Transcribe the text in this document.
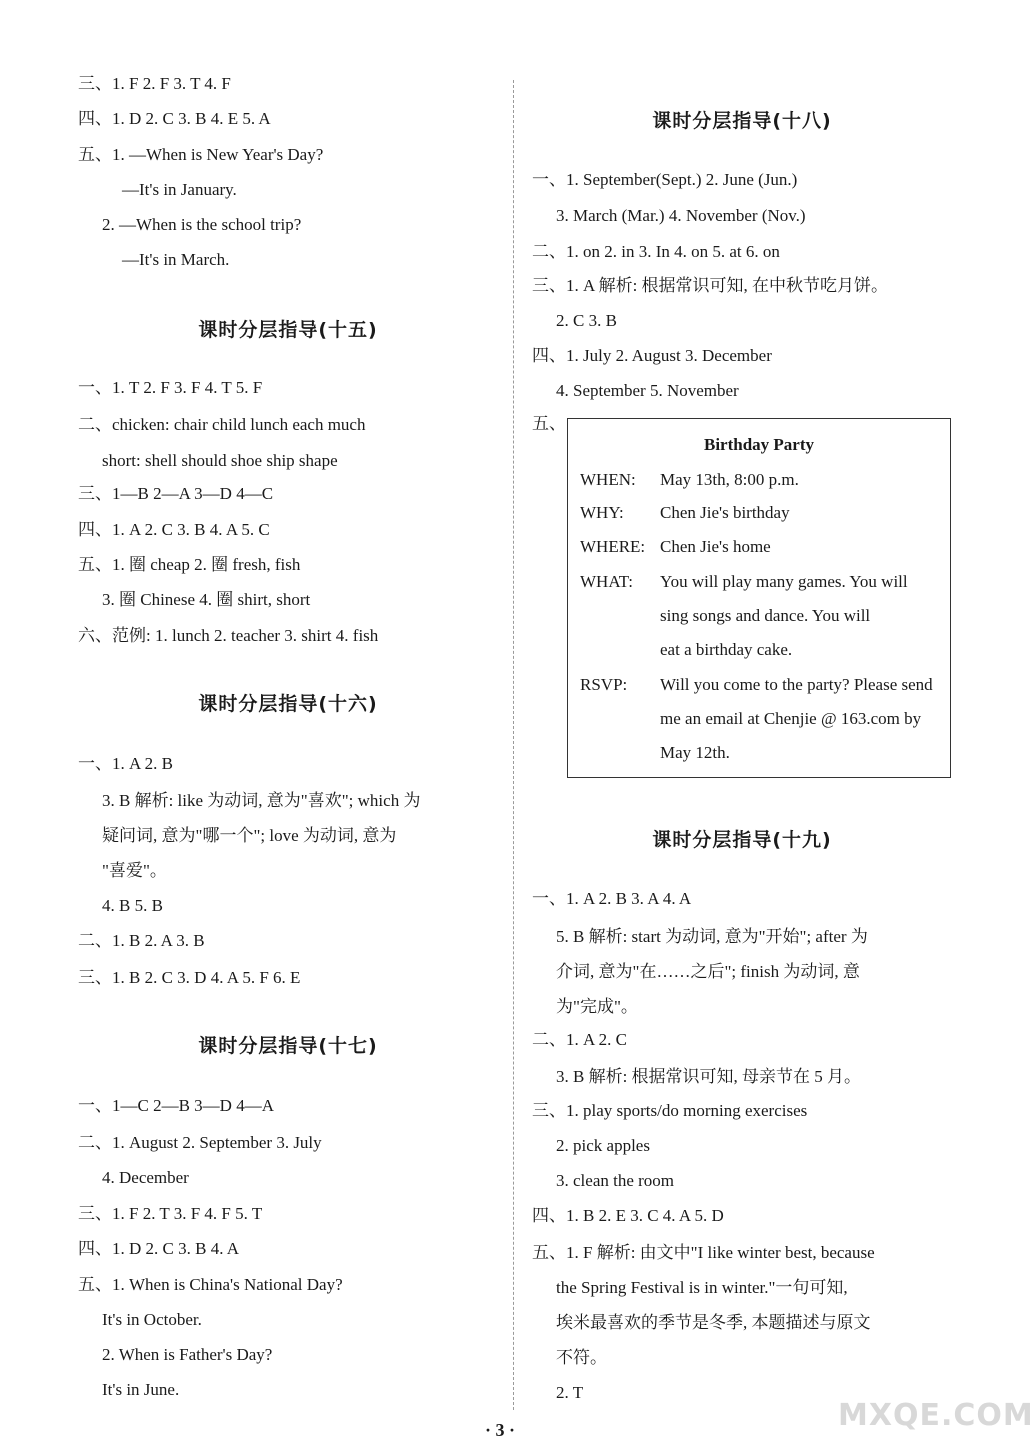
三、1. F 2. F 3. T 4. F
四、1. D 2. C 3. B 4. E 5. A
五、1. —When is New Year's Day?
—It's in January.
2. —When is the school trip?
—It's in March.
课时分层指导(十五)
一、1. T 2. F 3. F 4. T 5. F
二、chicken: chair child lunch each much
short: shell should shoe ship shape
三、1—B 2—A 3—D 4—C
四、1. A 2. C 3. B 4. A 5. C
五、1. 圈 cheap 2. 圈 fresh, fish
3. 圈 Chinese 4. 圈 shirt, short
六、范例: 1. lunch 2. teacher 3. shirt 4. fish
课时分层指导(十六)
一、1. A 2. B
3. B 解析: like 为动词, 意为"喜欢"; which 为
疑问词, 意为"哪一个"; love 为动词, 意为
"喜爱"。
4. B 5. B
二、1. B 2. A 3. B
三、1. B 2. C 3. D 4. A 5. F 6. E
课时分层指导(十七)
一、1—C 2—B 3—D 4—A
二、1. August 2. September 3. July
4. December
三、1. F 2. T 3. F 4. F 5. T
四、1. D 2. C 3. B 4. A
五、1. When is China's National Day?
It's in October.
2. When is Father's Day?
It's in June.
课时分层指导(十八)
一、1. September(Sept.) 2. June (Jun.)
3. March (Mar.) 4. November (Nov.)
二、1. on 2. in 3. In 4. on 5. at 6. on
三、1. A 解析: 根据常识可知, 在中秋节吃月饼。
2. C 3. B
四、1. July 2. August 3. December
4. September 5. November
五、
课时分层指导(十九)
一、1. A 2. B 3. A 4. A
5. B 解析: start 为动词, 意为"开始"; after 为
介词, 意为"在……之后"; finish 为动词, 意
为"完成"。
二、1. A 2. C
3. B 解析: 根据常识可知, 母亲节在 5 月。
三、1. play sports/do morning exercises
2. pick apples
3. clean the room
四、1. B 2. E 3. C 4. A 5. D
五、1. F 解析: 由文中"I like winter best, because
the Spring Festival is in winter."一句可知,
埃米最喜欢的季节是冬季, 本题描述与原文
不符。
2. T
Birthday Party
WHEN: May 13th, 8:00 p.m.
WHY: Chen Jie's birthday
WHERE: Chen Jie's home
WHAT: You will play many games. You will
sing songs and dance. You will
eat a birthday cake.
RSVP: Will you come to the party? Please send
me an email at Chenjie @ 163.com by
May 12th.
· 3 ·	MXQE.COM
